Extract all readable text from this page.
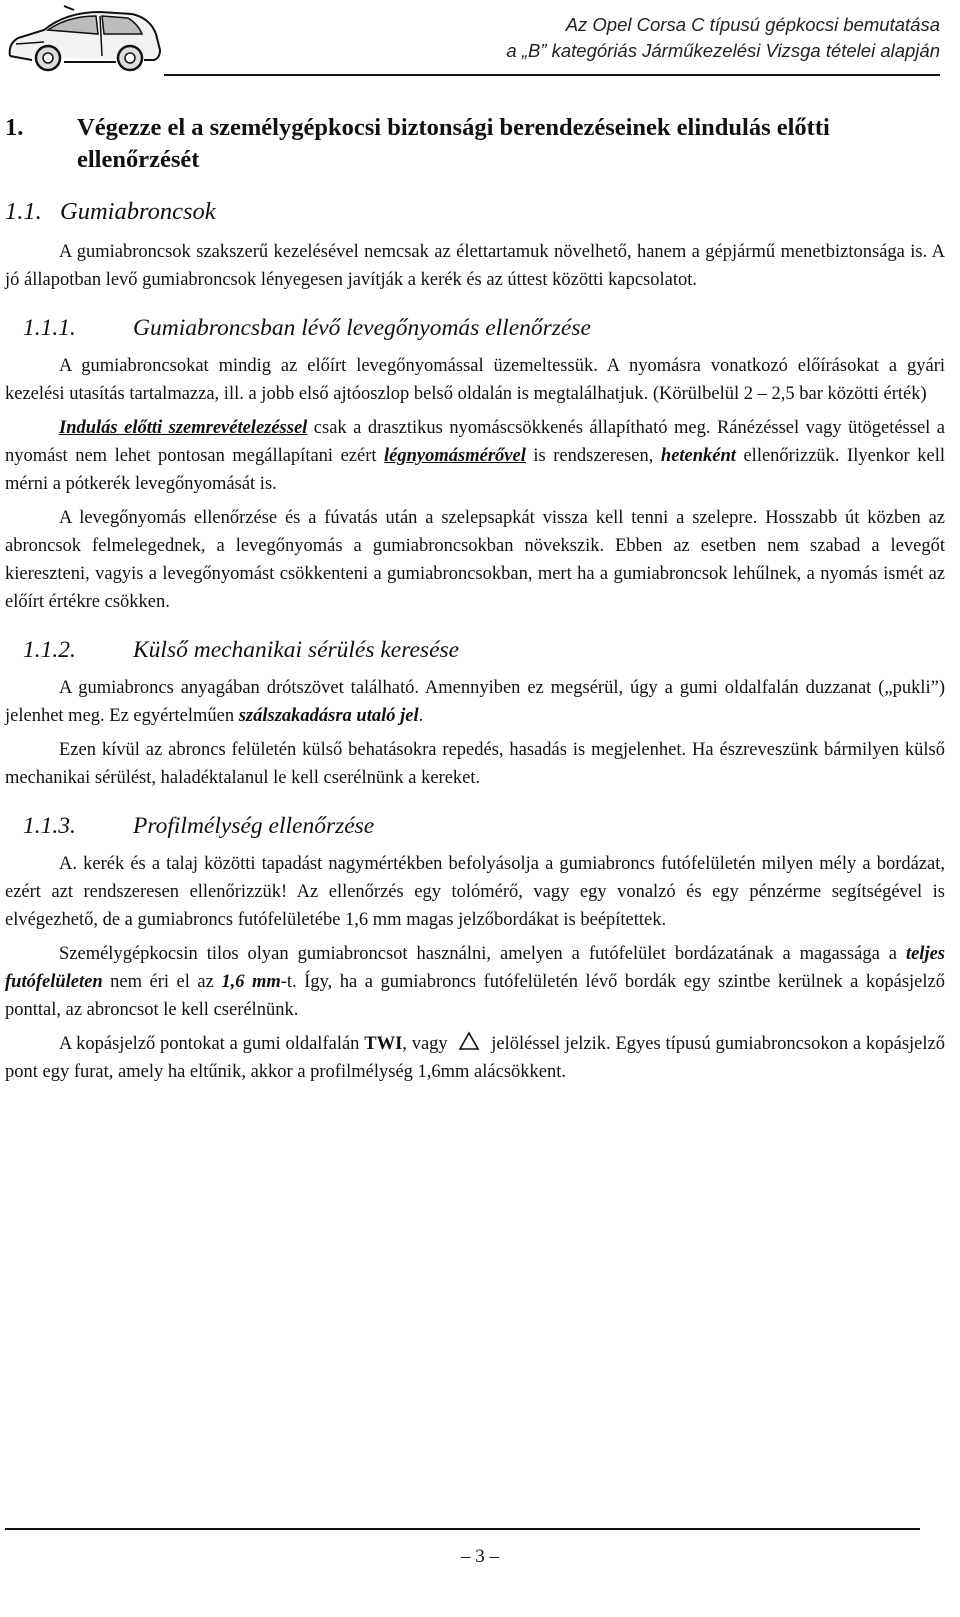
Az Opel Corsa C típusú gépkocsi bemutatása
a „B” kategóriás Járműkezelési Vizsga tételei alapján
1.	Végezze el a személygépkocsi biztonsági berendezéseinek elindulás előtti ellenőrzését
1.1. Gumiabroncsok

A gumiabroncsok szakszerű kezelésével nemcsak az élettartamuk növelhető, hanem a gépjármű menetbiztonsága is. A jó állapotban levő gumiabroncsok lényegesen javítják a kerék és az úttest közötti kapcsolatot.

1.1.1.	Gumiabroncsban lévő levegőnyomás ellenőrzése

A gumiabroncsokat mindig az előírt levegőnyomással üzemeltessük. A nyomásra vonatkozó előírásokat a gyári kezelési utasítás tartalmazza, ill. a jobb első ajtóoszlop belső oldalán is megtalálhatjuk. (Körülbelül 2 – 2,5 bar közötti érték)

Indulás előtti szemrevételezéssel csak a drasztikus nyomáscsökkenés állapítható meg. Ránézéssel vagy ütögetéssel a nyomást nem lehet pontosan megállapítani ezért légnyomásmérővel is rendszeresen, hetenként ellenőrizzük. Ilyenkor kell mérni a pótkerék levegőnyomását is.

A levegőnyomás ellenőrzése és a fúvatás után a szelepsapkát vissza kell tenni a szelepre. Hosszabb út közben az abroncsok felmelegednek, a levegőnyomás a gumiabroncsokban növekszik. Ebben az esetben nem szabad a levegőt kiereszteni, vagyis a levegőnyomást csökkenteni a gumiabroncsokban, mert ha a gumiabroncsok lehűlnek, a nyomás ismét az előírt értékre csökken.

1.1.2.	Külső mechanikai sérülés keresése

A gumiabroncs anyagában drótszövet található. Amennyiben ez megsérül, úgy a gumi oldalfalán duzzanat („pukli”) jelenhet meg. Ez egyértelműen szálszakadásra utaló jel.

Ezen kívül az abroncs felületén külső behatásokra repedés, hasadás is megjelenhet. Ha észreveszünk bármilyen külső mechanikai sérülést, haladéktalanul le kell cserélnünk a kereket.

1.1.3.	Profilmélység ellenőrzése

A. kerék és a talaj közötti tapadást nagymértékben befolyásolja a gumiabroncs futófelületén milyen mély a bordázat, ezért azt rendszeresen ellenőrizzük! Az ellenőrzés egy tolómérő, vagy egy vonalzó és egy pénzérme segítségével is elvégezhető, de a gumiabroncs futófelületébe 1,6 mm magas jelzőbordákat is beépítettek.

Személygépkocsin tilos olyan gumiabroncsot használni, amelyen a futófelület bordázatának a magassága a teljes futófelületen nem éri el az 1,6 mm-t. Így, ha a gumiabroncs futófelületén lévő bordák egy szintbe kerülnek a kopásjelző ponttal, az abroncsot le kell cserélnünk.

A kopásjelző pontokat a gumi oldalfalán TWI, vagy  jelöléssel jelzik. Egyes típusú gumiabroncsokon a kopásjelző pont egy furat, amely ha eltűnik, akkor a profilmélység 1,6mm alácsökkent.

– 3 –
